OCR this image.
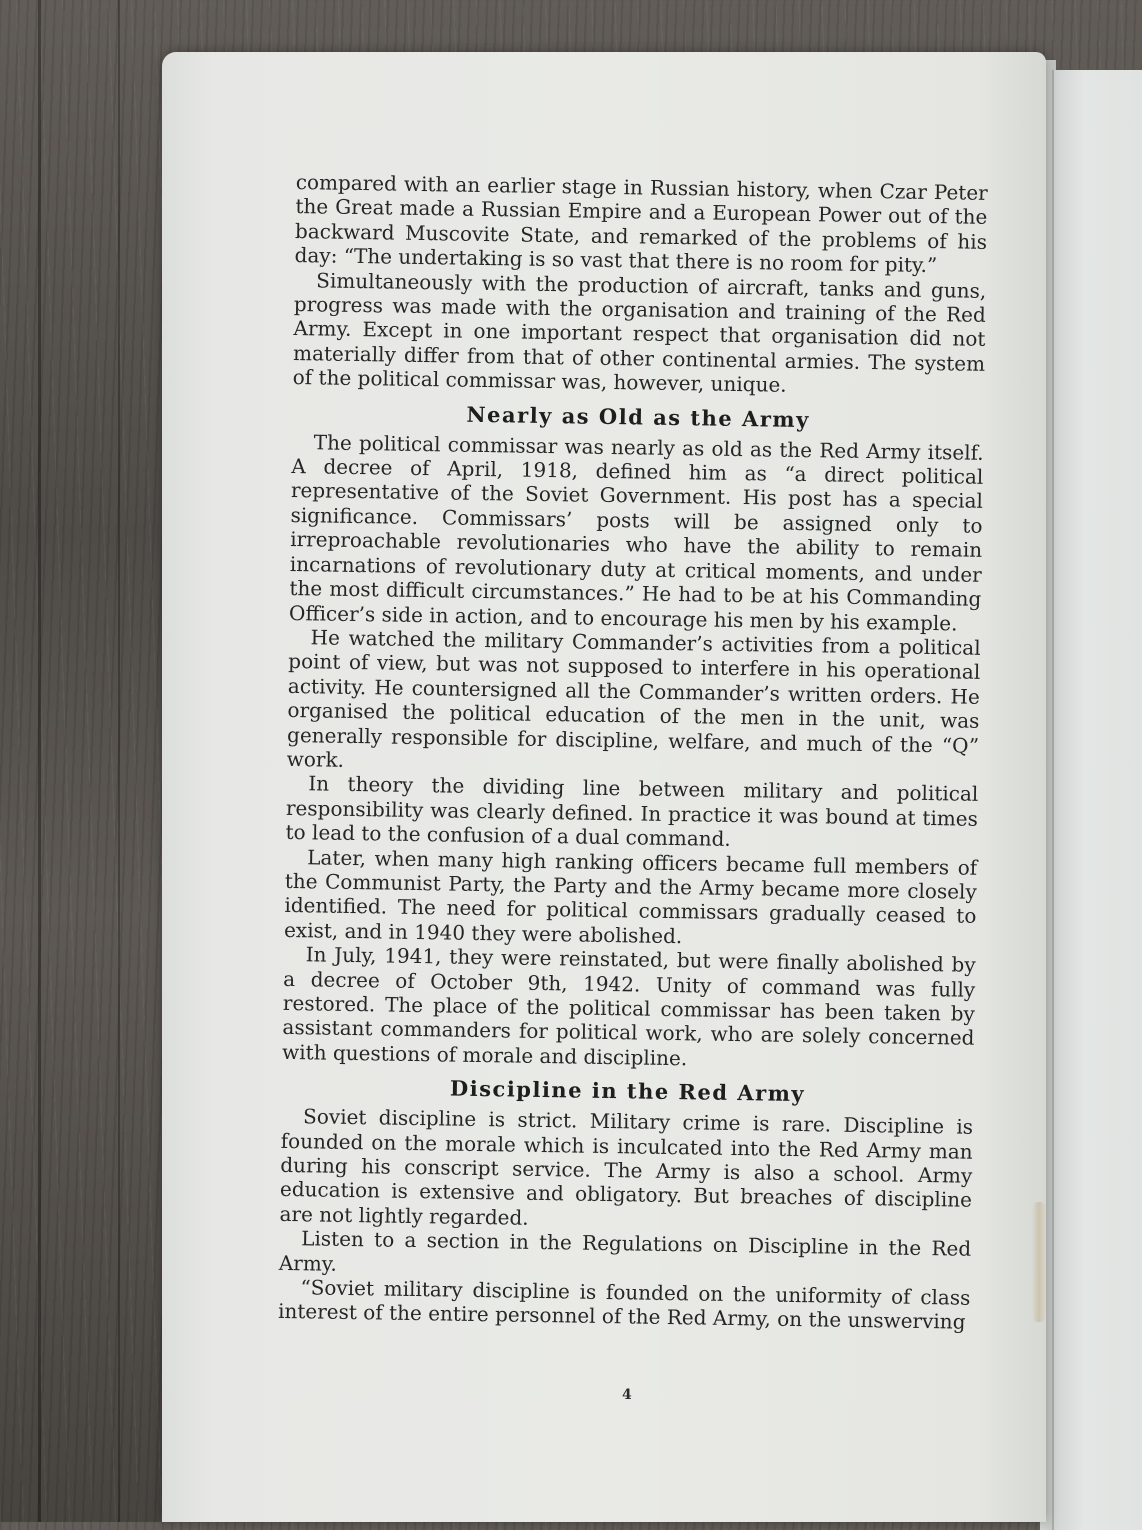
compared with an earlier stage in Russian history, when Czar Peter the Great made a Russian Empire and a European Power out of the backward Muscovite State, and remarked of the problems of his day: “The undertaking is so vast that there is no room for pity.”

Simultaneously with the production of aircraft, tanks and guns, progress was made with the organisation and training of the Red Army. Except in one important respect that organisation did not materially differ from that of other continental armies. The system of the political commissar was, however, unique.

Nearly as Old as the Army

The political commissar was nearly as old as the Red Army itself. A decree of April, 1918, defined him as “a direct political representative of the Soviet Government. His post has a special significance. Commissars’ posts will be assigned only to irreproachable revolutionaries who have the ability to remain incarnations of revolutionary duty at critical moments, and under the most difficult circumstances.” He had to be at his Commanding Officer’s side in action, and to encourage his men by his example.

He watched the military Commander’s activities from a political point of view, but was not supposed to interfere in his operational activity. He countersigned all the Commander’s written orders. He organised the political education of the men in the unit, was generally responsible for discipline, welfare, and much of the “Q” work.

In theory the dividing line between military and political responsibility was clearly defined. In practice it was bound at times to lead to the confusion of a dual command.

Later, when many high ranking officers became full members of the Communist Party, the Party and the Army became more closely identified. The need for political commissars gradually ceased to exist, and in 1940 they were abolished.

In July, 1941, they were reinstated, but were finally abolished by a decree of October 9th, 1942. Unity of command was fully restored. The place of the political commissar has been taken by assistant commanders for political work, who are solely concerned with questions of morale and discipline.

Discipline in the Red Army

Soviet discipline is strict. Military crime is rare. Discipline is founded on the morale which is inculcated into the Red Army man during his conscript service. The Army is also a school. Army education is extensive and obligatory. But breaches of discipline are not lightly regarded.

Listen to a section in the Regulations on Discipline in the Red Army.

“Soviet military discipline is founded on the uniformity of class interest of the entire personnel of the Red Army, on the unswerving

4
